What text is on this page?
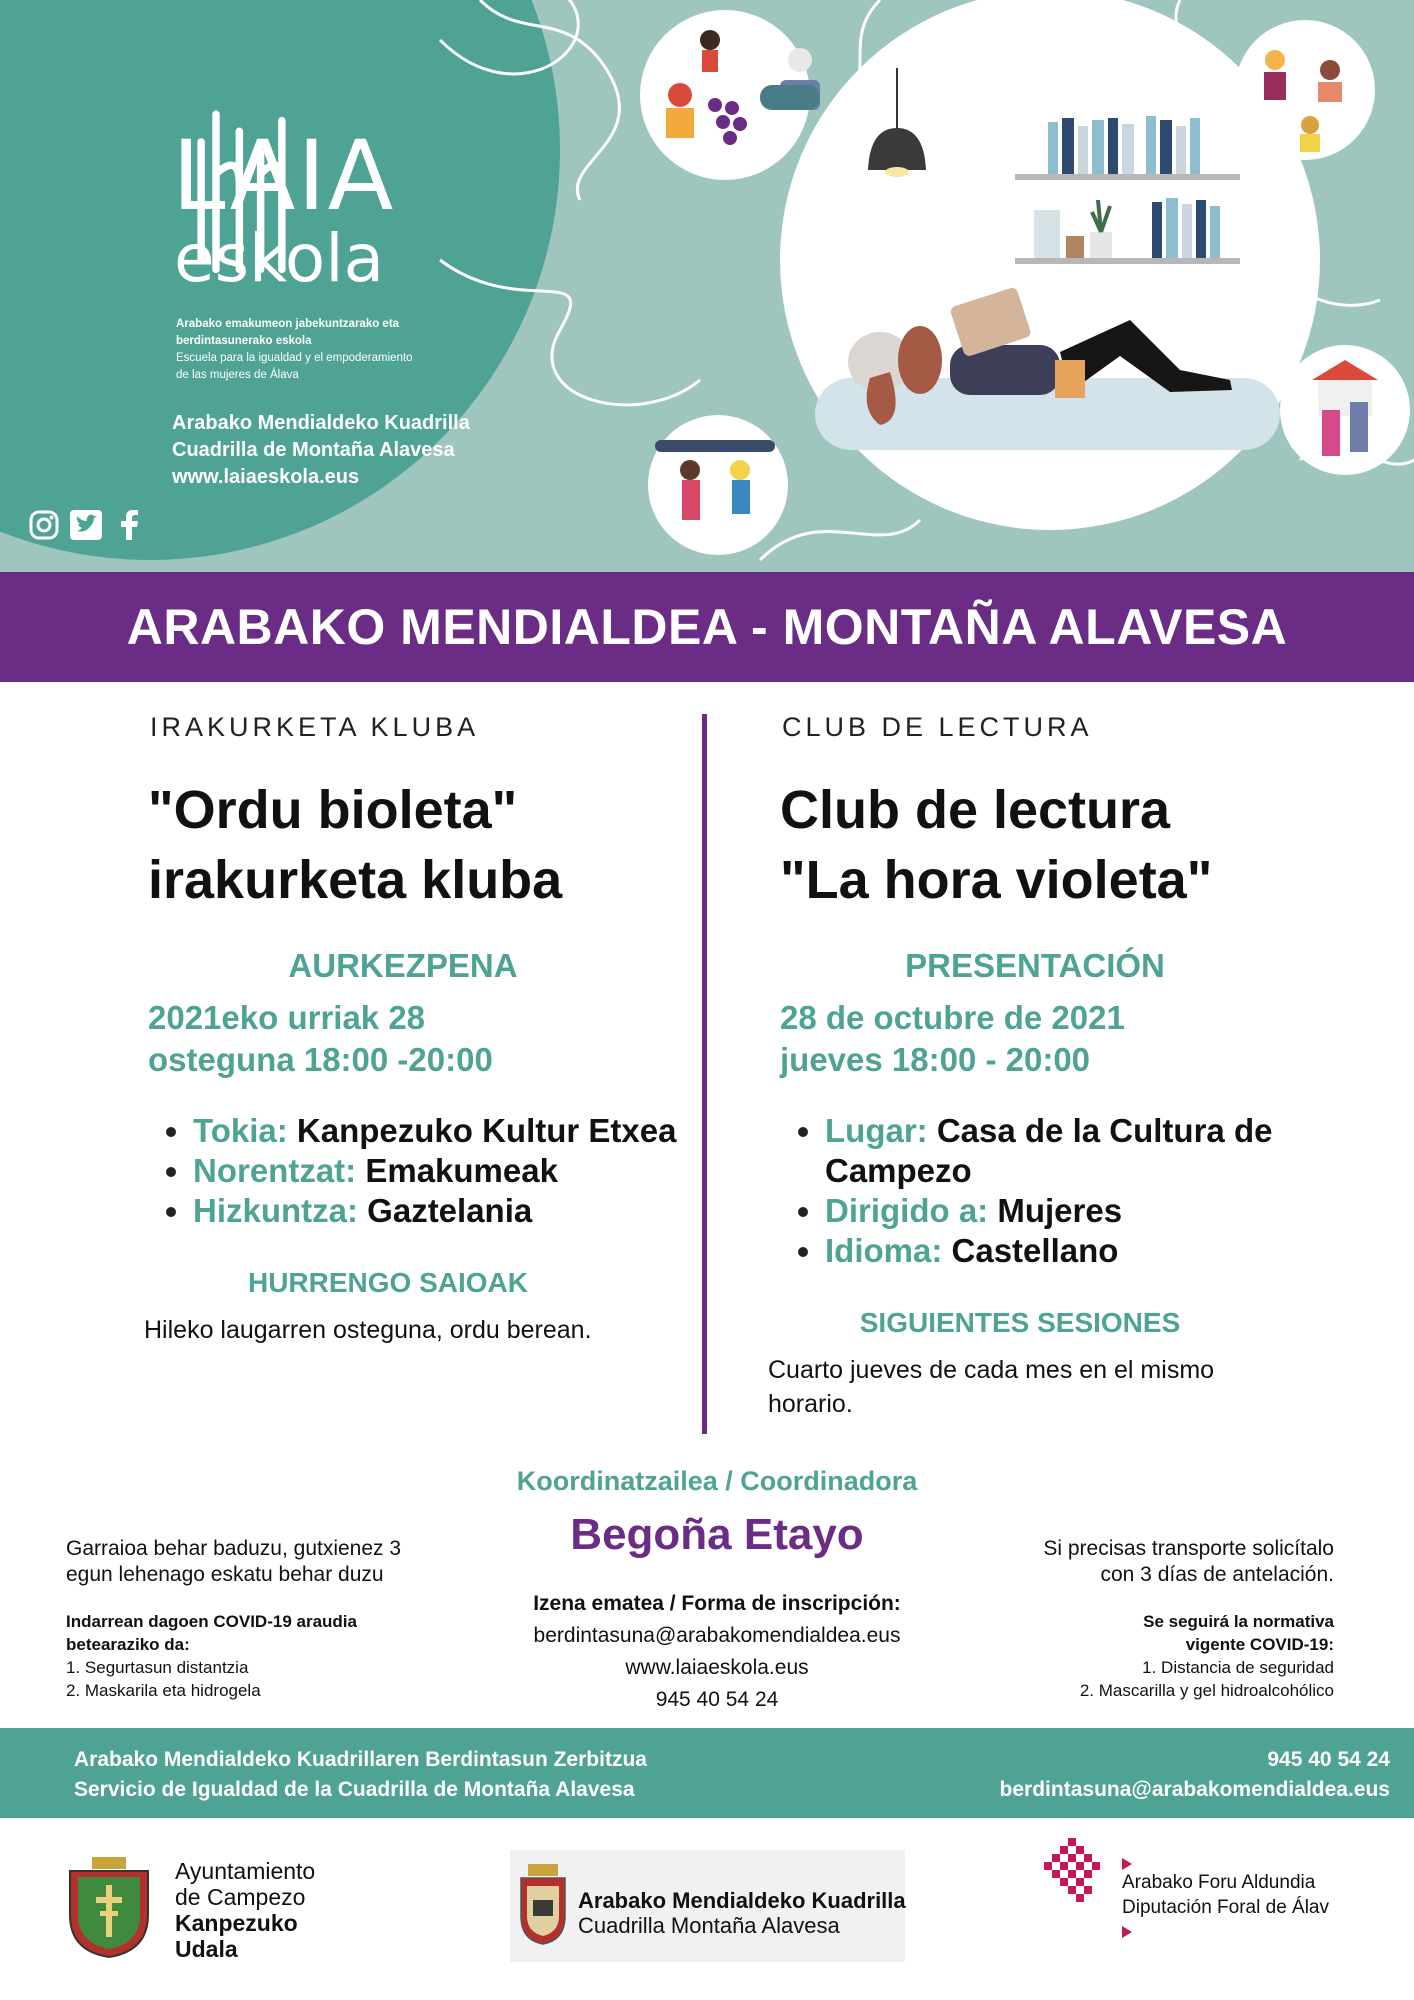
LAIA
eskola
Arabako emakumeon jabekuntzarako eta
berdintasunerako eskola
Escuela para la igualdad y el empoderamiento
de las mujeres de Álava
Arabako Mendialdeko Kuadrilla
Cuadrilla de Montaña Alavesa
www.laiaeskola.eus

ARABAKO MENDIALDEA - MONTAÑA ALAVESA
IRAKURKETA KLUBA
"Ordu bioleta"
irakurketa kluba
AURKEZPENA
2021eko urriak 28
osteguna 18:00 -20:00
• Tokia: Kanpezuko Kultur Etxea
• Norentzat: Emakumeak
• Hizkuntza: Gaztelania
HURRENGO SAIOAK
Hileko laugarren osteguna, ordu berean.
CLUB DE LECTURA
Club de lectura
"La hora violeta"
PRESENTACIÓN
28 de octubre de 2021
jueves 18:00 - 20:00
• Lugar: Casa de la Cultura de Campezo
• Dirigido a: Mujeres
• Idioma: Castellano
SIGUIENTES SESIONES
Cuarto jueves de cada mes en el mismo horario.
Koordinatzailea / Coordinadora
Begoña Etayo
Izena ematea / Forma de inscripción:
berdintasuna@arabakomendialdea.eus
www.laiaeskola.eus
945 40 54 24
Garraioa behar baduzu, gutxienez 3
egun lehenago eskatu behar duzu
Indarrean dagoen COVID-19 araudia
betearaziko da:
1. Segurtasun distantzia
2. Maskarila eta hidrogela
Si precisas transporte solicítalo
con 3 días de antelación.
Se seguirá la normativa
vigente COVID-19:
1. Distancia de seguridad
2. Mascarilla y gel hidroalcohólico
Arabako Mendialdeko Kuadrillaren Berdintasun Zerbitzua
Servicio de Igualdad de la Cuadrilla de Montaña Alavesa
945 40 54 24
berdintasuna@arabakomendialdea.eus
Ayuntamiento
de Campezo
Kanpezuko
Udala
Arabako Mendialdeko Kuadrilla
Cuadrilla Montaña Alavesa
Arabako Foru Aldundia
Diputación Foral de Álav
